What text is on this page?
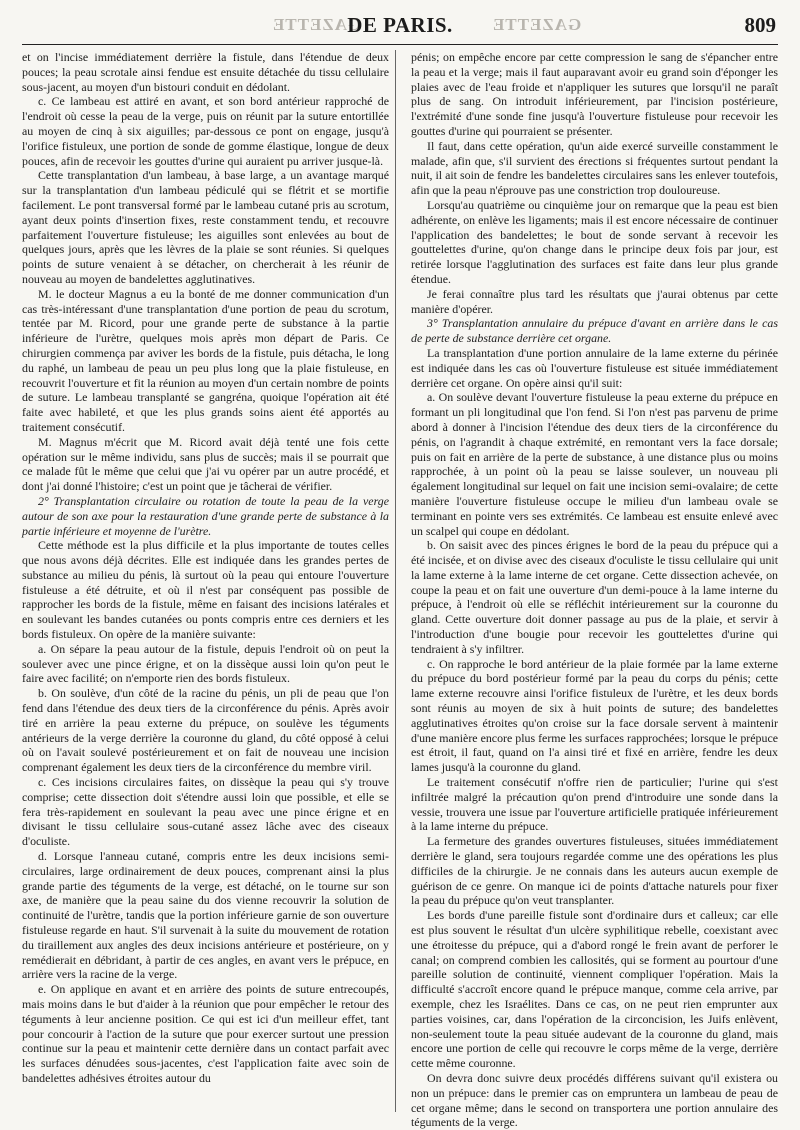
GAZETTE	GAZETTE
DE PARIS.	809

et on l'incise immédiatement derrière la fistule, dans l'étendue de deux pouces; la peau scrotale ainsi fendue est ensuite détachée du tissu cellulaire sous-jacent, au moyen d'un bistouri conduit en dédolant.

c. Ce lambeau est attiré en avant, et son bord antérieur rapproché de l'endroit où cesse la peau de la verge, puis on réunit par la suture entortillée au moyen de cinq à six aiguilles; par-dessous ce pont on engage, jusqu'à l'orifice fistuleux, une portion de sonde de gomme élastique, longue de deux pouces, afin de recevoir les gouttes d'urine qui auraient pu arriver jusque-là.

Cette transplantation d'un lambeau, à base large, a un avantage marqué sur la transplantation d'un lambeau pédiculé qui se flétrit et se mortifie facilement. Le pont transversal formé par le lambeau cutané pris au scrotum, ayant deux points d'insertion fixes, reste constamment tendu, et recouvre parfaitement l'ouverture fistuleuse; les aiguilles sont enlevées au bout de quelques jours, après que les lèvres de la plaie se sont réunies. Si quelques points de suture venaient à se détacher, on chercherait à les réunir de nouveau au moyen de bandelettes agglutinatives.

M. le docteur Magnus a eu la bonté de me donner communication d'un cas très-intéressant d'une transplantation d'une portion de peau du scrotum, tentée par M. Ricord, pour une grande perte de substance à la partie inférieure de l'urètre, quelques mois après mon départ de Paris. Ce chirurgien commença par aviver les bords de la fistule, puis détacha, le long du raphé, un lambeau de peau un peu plus long que la plaie fistuleuse, en recouvrit l'ouverture et fit la réunion au moyen d'un certain nombre de points de suture. Le lambeau transplanté se gangréna, quoique l'opération ait été faite avec habileté, et que les plus grands soins aient été apportés au traitement consécutif.

M. Magnus m'écrit que M. Ricord avait déjà tenté une fois cette opération sur le même individu, sans plus de succès; mais il se pourrait que ce malade fût le même que celui que j'ai vu opérer par un autre procédé, et dont j'ai donné l'histoire; c'est un point que je tâcherai de vérifier.

2° Transplantation circulaire ou rotation de toute la peau de la verge autour de son axe pour la restauration d'une grande perte de substance à la partie inférieure et moyenne de l'urètre.

Cette méthode est la plus difficile et la plus importante de toutes celles que nous avons déjà décrites. Elle est indiquée dans les grandes pertes de substance au milieu du pénis, là surtout où la peau qui entoure l'ouverture fistuleuse a été détruite, et où il n'est par conséquent pas possible de rapprocher les bords de la fistule, même en faisant des incisions latérales et en soulevant les bandes cutanées ou ponts compris entre ces derniers et les bords fistuleux. On opère de la manière suivante:

a. On sépare la peau autour de la fistule, depuis l'endroit où on peut la soulever avec une pince érigne, et on la dissèque aussi loin qu'on peut le faire avec facilité; on n'emporte rien des bords fistuleux.

b. On soulève, d'un côté de la racine du pénis, un pli de peau que l'on fend dans l'étendue des deux tiers de la circonférence du pénis. Après avoir tiré en arrière la peau externe du prépuce, on soulève les téguments antérieurs de la verge derrière la couronne du gland, du côté opposé à celui où on l'avait soulevé postérieurement et on fait de nouveau une incision comprenant également les deux tiers de la circonférence du membre viril.

c. Ces incisions circulaires faites, on dissèque la peau qui s'y trouve comprise; cette dissection doit s'étendre aussi loin que possible, et elle se fera très-rapidement en soulevant la peau avec une pince érigne et en divisant le tissu cellulaire sous-cutané assez lâche avec des ciseaux d'oculiste.

d. Lorsque l'anneau cutané, compris entre les deux incisions semi-circulaires, large ordinairement de deux pouces, comprenant ainsi la plus grande partie des téguments de la verge, est détaché, on le tourne sur son axe, de manière que la peau saine du dos vienne recouvrir la solution de continuité de l'urètre, tandis que la portion inférieure garnie de son ouverture fistuleuse regarde en haut. S'il survenait à la suite du mouvement de rotation du tiraillement aux angles des deux incisions antérieure et postérieure, on y remédierait en débridant, à partir de ces angles, en avant vers le prépuce, en arrière vers la racine de la verge.

e. On applique en avant et en arrière des points de suture entrecoupés, mais moins dans le but d'aider à la réunion que pour empêcher le retour des téguments à leur ancienne position. Ce qui est ici d'un meilleur effet, tant pour concourir à l'action de la suture que pour exercer surtout une pression continue sur la peau et maintenir cette dernière dans un contact parfait avec les surfaces dénudées sous-jacentes, c'est l'application faite avec soin de bandelettes adhésives étroites autour du

pénis; on empêche encore par cette compression le sang de s'épancher entre la peau et la verge; mais il faut auparavant avoir eu grand soin d'éponger les plaies avec de l'eau froide et n'appliquer les sutures que lorsqu'il ne paraît plus de sang. On introduit inférieurement, par l'incision postérieure, l'extrémité d'une sonde fine jusqu'à l'ouverture fistuleuse pour recevoir les gouttes d'urine qui pourraient se présenter.

Il faut, dans cette opération, qu'un aide exercé surveille constamment le malade, afin que, s'il survient des érections si fréquentes surtout pendant la nuit, il ait soin de fendre les bandelettes circulaires sans les enlever toutefois, afin que la peau n'éprouve pas une constriction trop douloureuse.

Lorsqu'au quatrième ou cinquième jour on remarque que la peau est bien adhérente, on enlève les ligaments; mais il est encore nécessaire de continuer l'application des bandelettes; le bout de sonde servant à recevoir les gouttelettes d'urine, qu'on change dans le principe deux fois par jour, est retirée lorsque l'agglutination des surfaces est faite dans leur plus grande étendue.

Je ferai connaître plus tard les résultats que j'aurai obtenus par cette manière d'opérer.

3° Transplantation annulaire du prépuce d'avant en arrière dans le cas de perte de substance derrière cet organe.

La transplantation d'une portion annulaire de la lame externe du périnée est indiquée dans les cas où l'ouverture fistuleuse est située immédiatement derrière cet organe. On opère ainsi qu'il suit:

a. On soulève devant l'ouverture fistuleuse la peau externe du prépuce en formant un pli longitudinal que l'on fend. Si l'on n'est pas parvenu de prime abord à donner à l'incision l'étendue des deux tiers de la circonférence du pénis, on l'agrandit à chaque extrémité, en remontant vers la face dorsale; puis on fait en arrière de la perte de substance, à une distance plus ou moins rapprochée, à un point où la peau se laisse soulever, un nouveau pli également longitudinal sur lequel on fait une incision semi-ovalaire; de cette manière l'ouverture fistuleuse occupe le milieu d'un lambeau ovale se terminant en pointe vers ses extrémités. Ce lambeau est ensuite enlevé avec un scalpel qui coupe en dédolant.

b. On saisit avec des pinces érignes le bord de la peau du prépuce qui a été incisée, et on divise avec des ciseaux d'oculiste le tissu cellulaire qui unit la lame externe à la lame interne de cet organe. Cette dissection achevée, on coupe la peau et on fait une ouverture d'un demi-pouce à la lame interne du prépuce, à l'endroit où elle se réfléchit intérieurement sur la couronne du gland. Cette ouverture doit donner passage au pus de la plaie, et servir à l'introduction d'une bougie pour recevoir les gouttelettes d'urine qui tendraient à s'y infiltrer.

c. On rapproche le bord antérieur de la plaie formée par la lame externe du prépuce du bord postérieur formé par la peau du corps du pénis; cette lame externe recouvre ainsi l'orifice fistuleux de l'urètre, et les deux bords sont réunis au moyen de six à huit points de suture; des bandelettes agglutinatives étroites qu'on croise sur la face dorsale servent à maintenir d'une manière encore plus ferme les surfaces rapprochées; lorsque le prépuce est étroit, il faut, quand on l'a ainsi tiré et fixé en arrière, fendre les deux lames jusqu'à la couronne du gland.

Le traitement consécutif n'offre rien de particulier; l'urine qui s'est infiltrée malgré la précaution qu'on prend d'introduire une sonde dans la vessie, trouvera une issue par l'ouverture artificielle pratiquée inférieurement à la lame interne du prépuce.

La fermeture des grandes ouvertures fistuleuses, situées immédiatement derrière le gland, sera toujours regardée comme une des opérations les plus difficiles de la chirurgie. Je ne connais dans les auteurs aucun exemple de guérison de ce genre. On manque ici de points d'attache naturels pour fixer la peau du prépuce qu'on veut transplanter.

Les bords d'une pareille fistule sont d'ordinaire durs et calleux; car elle est plus souvent le résultat d'un ulcère syphilitique rebelle, coexistant avec une étroitesse du prépuce, qui a d'abord rongé le frein avant de perforer le canal; on comprend combien les callosités, qui se forment au pourtour d'une pareille solution de continuité, viennent compliquer l'opération. Mais la difficulté s'accroît encore quand le prépuce manque, comme cela arrive, par exemple, chez les Israélites. Dans ce cas, on ne peut rien emprunter aux parties voisines, car, dans l'opération de la circoncision, les Juifs enlèvent, non-seulement toute la peau située audevant de la couronne du gland, mais encore une portion de celle qui recouvre le corps même de la verge, derrière cette même couronne.

On devra donc suivre deux procédés différens suivant qu'il existera ou non un prépuce: dans le premier cas on empruntera un lambeau de peau de cet organe même; dans le second on transportera une portion annulaire des téguments de la verge.
